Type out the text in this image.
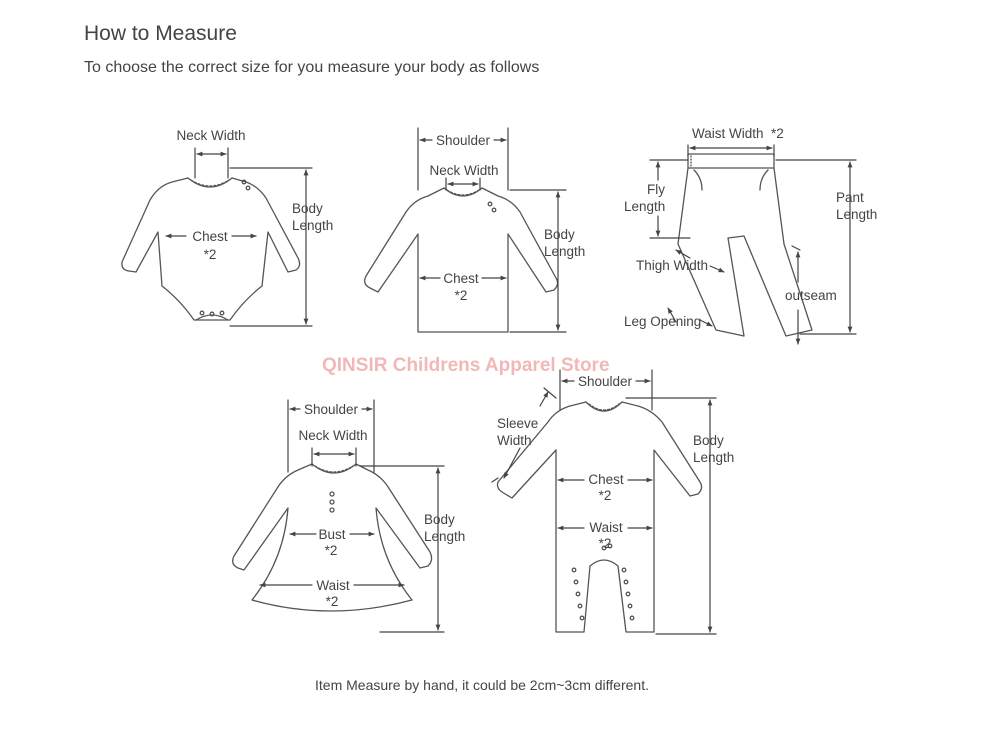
How to Measure
To choose the correct size for you measure your body as follows
Neck Width
Chest
*2
Body
Length
Shoulder
Neck Width
Chest
*2
Body
Length
Waist Width *2
Fly
Length
Pant
Length
Thigh Width
outseam
Leg Opening
Shoulder
Neck Width
Bust
*2
Waist
*2
Body
Length
Shoulder
Sleeve
Width
Chest
*2
Waist
*2
Body
Length
QINSIR Childrens Apparel Store
Item Measure by hand, it could be 2cm~3cm different.
